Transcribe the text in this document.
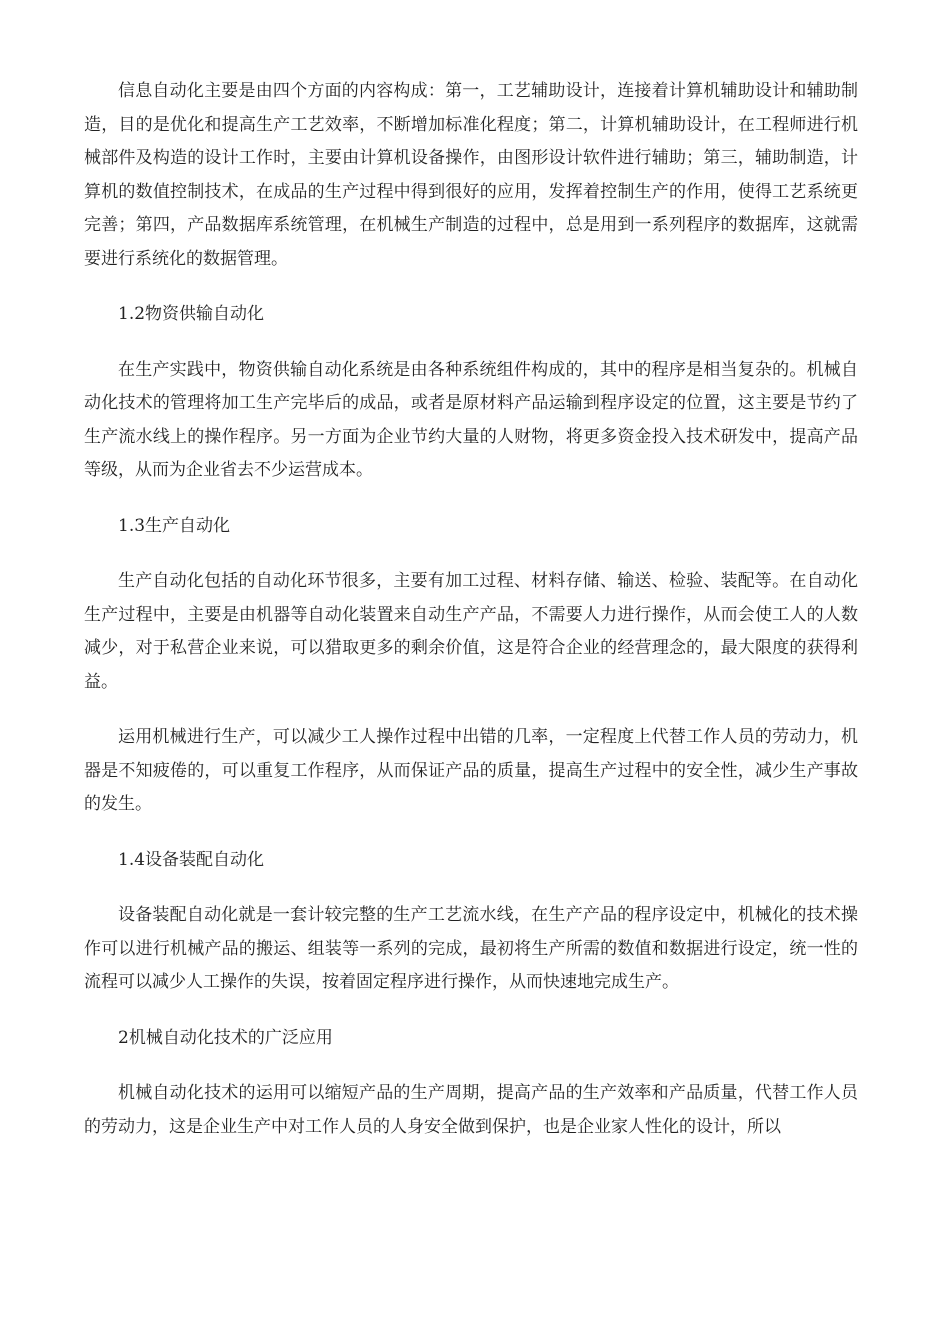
信息自动化主要是由四个方面的内容构成：第一，工艺辅助设计，连接着计算机辅助设计和辅助制造，目的是优化和提高生产工艺效率，不断增加标准化程度；第二，计算机辅助设计，在工程师进行机械部件及构造的设计工作时，主要由计算机设备操作，由图形设计软件进行辅助；第三，辅助制造，计算机的数值控制技术，在成品的生产过程中得到很好的应用，发挥着控制生产的作用，使得工艺系统更完善；第四，产品数据库系统管理，在机械生产制造的过程中，总是用到一系列程序的数据库，这就需要进行系统化的数据管理。

1.2物资供输自动化

在生产实践中，物资供输自动化系统是由各种系统组件构成的，其中的程序是相当复杂的。机械自动化技术的管理将加工生产完毕后的成品，或者是原材料产品运输到程序设定的位置，这主要是节约了生产流水线上的操作程序。另一方面为企业节约大量的人财物，将更多资金投入技术研发中，提高产品等级，从而为企业省去不少运营成本。

1.3生产自动化

生产自动化包括的自动化环节很多，主要有加工过程、材料存储、输送、检验、装配等。在自动化生产过程中，主要是由机器等自动化装置来自动生产产品，不需要人力进行操作，从而会使工人的人数减少，对于私营企业来说，可以猎取更多的剩余价值，这是符合企业的经营理念的，最大限度的获得利益。

运用机械进行生产，可以减少工人操作过程中出错的几率，一定程度上代替工作人员的劳动力，机器是不知疲倦的，可以重复工作程序，从而保证产品的质量，提高生产过程中的安全性，减少生产事故的发生。

1.4设备装配自动化

设备装配自动化就是一套计较完整的生产工艺流水线，在生产产品的程序设定中，机械化的技术操作可以进行机械产品的搬运、组装等一系列的完成，最初将生产所需的数值和数据进行设定，统一性的流程可以减少人工操作的失误，按着固定程序进行操作，从而快速地完成生产。

2机械自动化技术的广泛应用

机械自动化技术的运用可以缩短产品的生产周期，提高产品的生产效率和产品质量，代替工作人员的劳动力，这是企业生产中对工作人员的人身安全做到保护，也是企业家人性化的设计，所以
